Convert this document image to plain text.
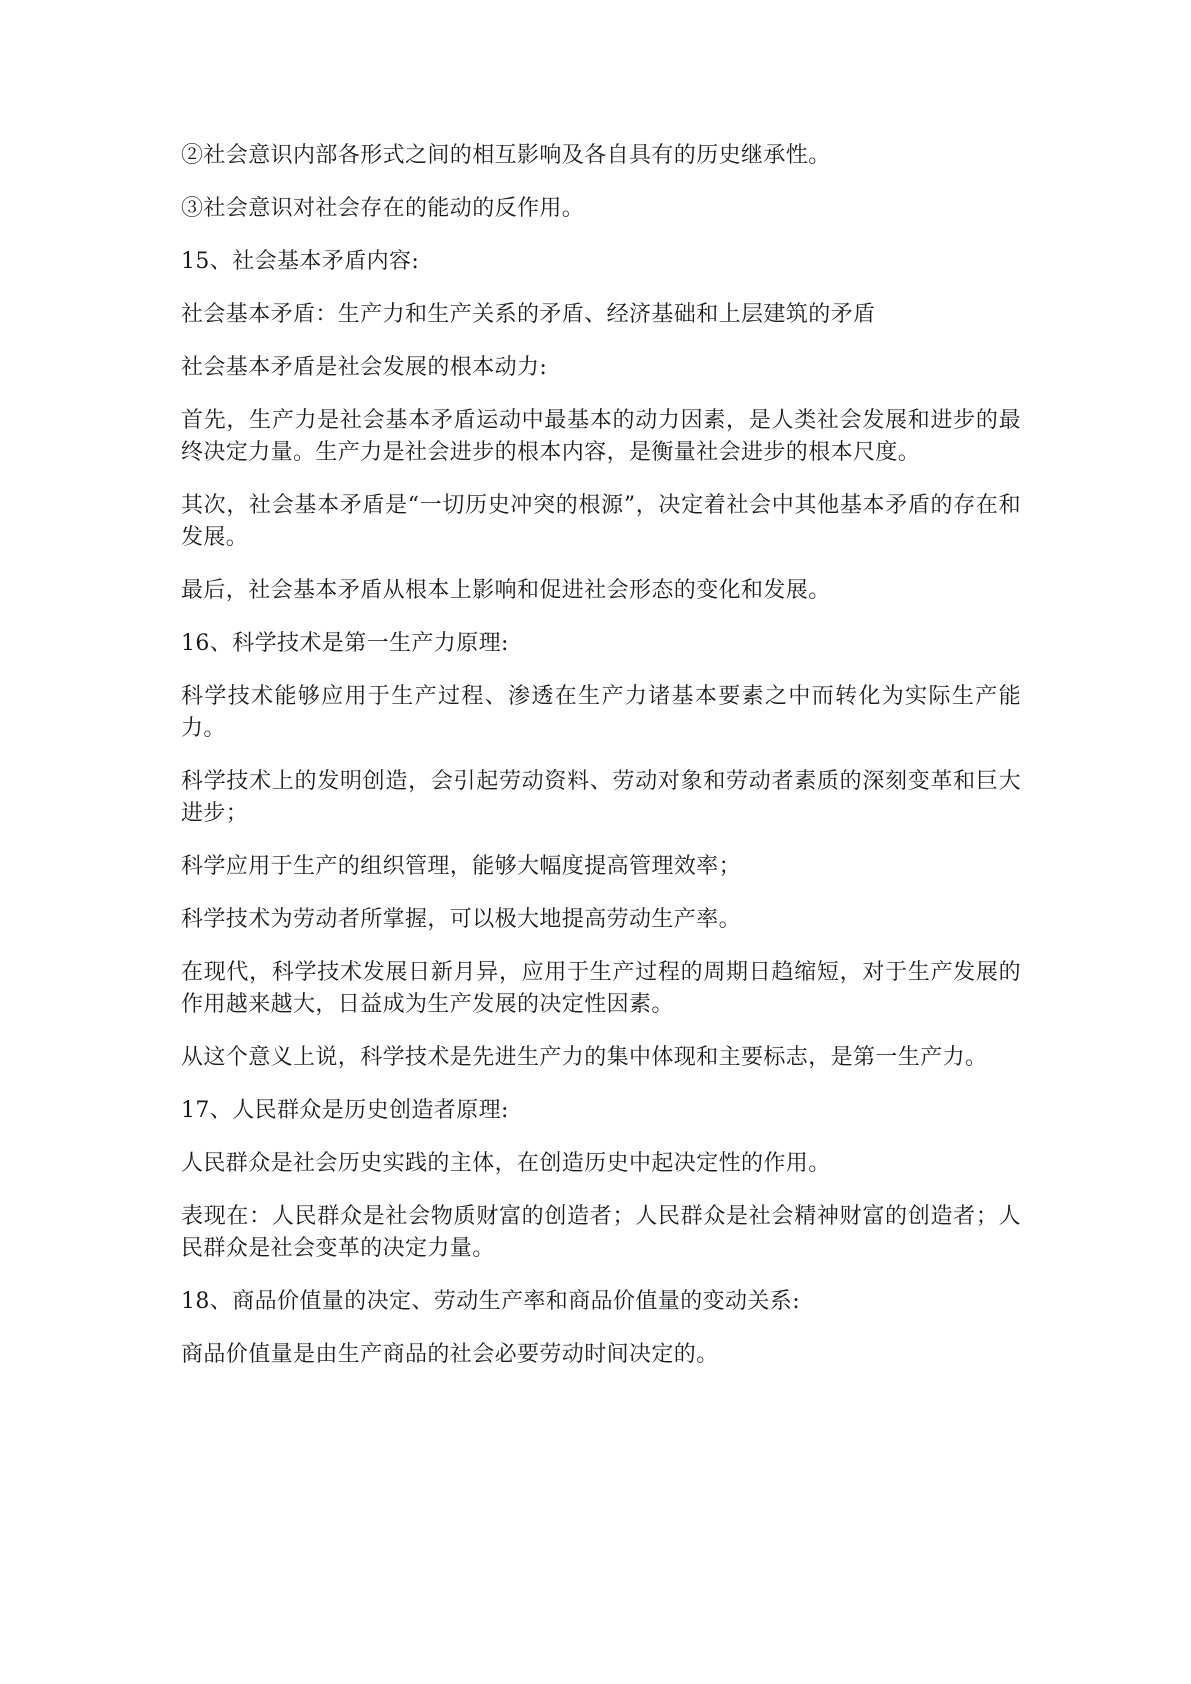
②社会意识内部各形式之间的相互影响及各自具有的历史继承性。

③社会意识对社会存在的能动的反作用。

15、社会基本矛盾内容:

社会基本矛盾：生产力和生产关系的矛盾、经济基础和上层建筑的矛盾

社会基本矛盾是社会发展的根本动力:

首先，生产力是社会基本矛盾运动中最基本的动力因素，是人类社会发展和进步的最终决定力量。生产力是社会进步的根本内容，是衡量社会进步的根本尺度。

其次，社会基本矛盾是“一切历史冲突的根源”，决定着社会中其他基本矛盾的存在和发展。

最后，社会基本矛盾从根本上影响和促进社会形态的变化和发展。

16、科学技术是第一生产力原理:

科学技术能够应用于生产过程、渗透在生产力诸基本要素之中而转化为实际生产能力。

科学技术上的发明创造，会引起劳动资料、劳动对象和劳动者素质的深刻变革和巨大进步；

科学应用于生产的组织管理，能够大幅度提高管理效率；

科学技术为劳动者所掌握，可以极大地提高劳动生产率。

在现代，科学技术发展日新月异，应用于生产过程的周期日趋缩短，对于生产发展的作用越来越大，日益成为生产发展的决定性因素。

从这个意义上说，科学技术是先进生产力的集中体现和主要标志，是第一生产力。

17、人民群众是历史创造者原理:

人民群众是社会历史实践的主体，在创造历史中起决定性的作用。

表现在：人民群众是社会物质财富的创造者；人民群众是社会精神财富的创造者；人民群众是社会变革的决定力量。

18、商品价值量的决定、劳动生产率和商品价值量的变动关系:

商品价值量是由生产商品的社会必要劳动时间决定的。
